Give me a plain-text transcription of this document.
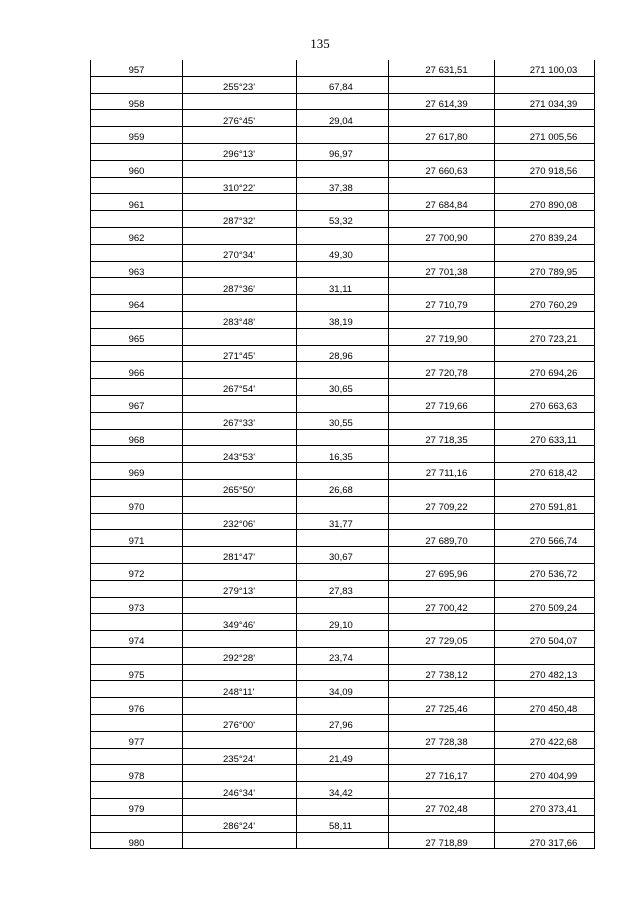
135
957			27 631,51	271 100,03
	255°23'	67,84		
958			27 614,39	271 034,39
	276°45'	29,04		
959			27 617,80	271 005,56
	296°13'	96,97		
960			27 660,63	270 918,56
	310°22'	37,38		
961			27 684,84	270 890,08
	287°32'	53,32		
962			27 700,90	270 839,24
	270°34'	49,30		
963			27 701,38	270 789,95
	287°36'	31,11		
964			27 710,79	270 760,29
	283°48'	38,19		
965			27 719,90	270 723,21
	271°45'	28,96		
966			27 720,78	270 694,26
	267°54'	30,65		
967			27 719,66	270 663,63
	267°33'	30,55		
968			27 718,35	270 633,11
	243°53'	16,35		
969			27 711,16	270 618,42
	265°50'	26,68		
970			27 709,22	270 591,81
	232°06'	31,77		
971			27 689,70	270 566,74
	281°47'	30,67		
972			27 695,96	270 536,72
	279°13'	27,83		
973			27 700,42	270 509,24
	349°46'	29,10		
974			27 729,05	270 504,07
	292°28'	23,74		
975			27 738,12	270 482,13
	248°11'	34,09		
976			27 725,46	270 450,48
	276°00'	27,96		
977			27 728,38	270 422,68
	235°24'	21,49		
978			27 716,17	270 404,99
	246°34'	34,42		
979			27 702,48	270 373,41
	286°24'	58,11		
980			27 718,89	270 317,66
